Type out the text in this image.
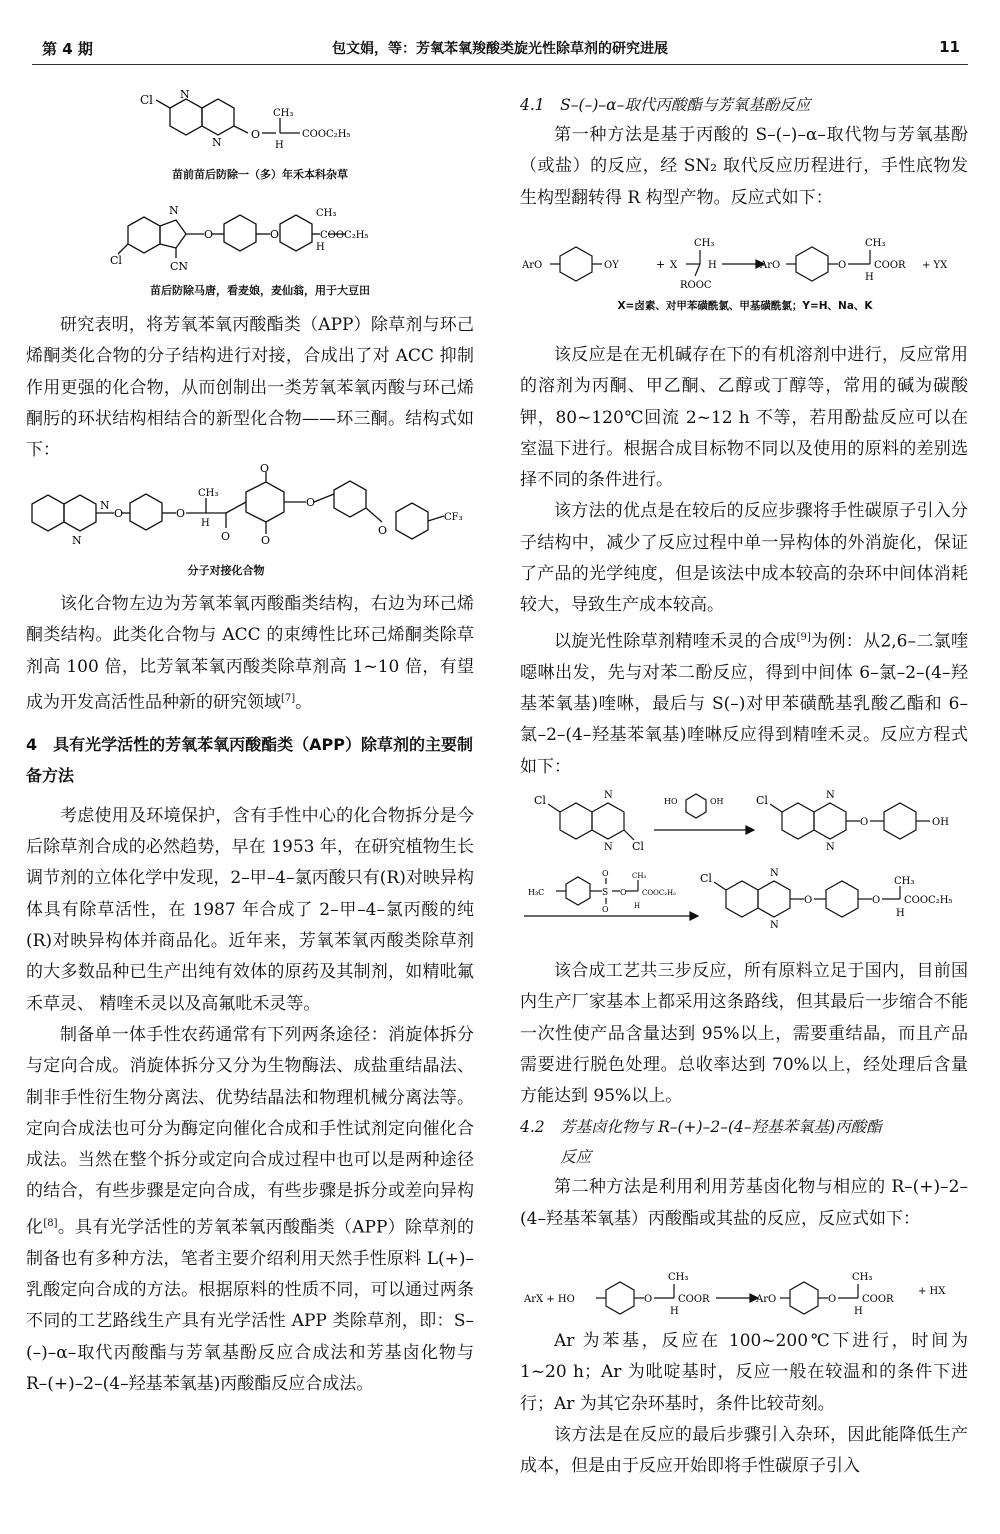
第 4 期	包文娟，等：芳氧苯氧羧酸类旋光性除草剂的研究进展	11
Cl N
N
O
H
CH₃
COOC₂H₅
苗前苗后防除一（多）年禾本科杂草
N
O	O
Cl	CN
CH₃
H
COOC₂H₅
苗后防除马唐，看麦娘，麦仙翁，用于大豆田

研究表明，将芳氧苯氧丙酸酯类（APP）除草剂与环己烯酮类化合物的分子结构进行对接，合成出了对 ACC 抑制作用更强的化合物，从而创制出一类芳氧苯氧丙酸与环己烯酮肟的环状结构相结合的新型化合物——环三酮。结构式如下：

N
N
O	O
CH₃
H
O	O
O
O
O
CF₃
分子对接化合物

该化合物左边为芳氧苯氧丙酸酯类结构，右边为环己烯酮类结构。此类化合物与 ACC 的束缚性比环己烯酮类除草剂高 100 倍，比芳氧苯氧丙酸类除草剂高 1~10 倍，有望成为开发高活性品种新的研究领域[7]。

4　具有光学活性的芳氧苯氧丙酸酯类（APP）除草剂的主要制备方法

考虑使用及环境保护，含有手性中心的化合物拆分是今后除草剂合成的必然趋势，早在 1953 年，在研究植物生长调节剂的立体化学中发现，2–甲–4–氯丙酸只有(R)对映异构体具有除草活性，在 1987 年合成了 2–甲–4–氯丙酸的纯(R)对映异构体并商品化。近年来，芳氧苯氧丙酸类除草剂的大多数品种已生产出纯有效体的原药及其制剂，如精吡氟禾草灵、 精喹禾灵以及高氟吡禾灵等。

制备单一体手性农药通常有下列两条途径：消旋体拆分与定向合成。消旋体拆分又分为生物酶法、成盐重结晶法、制非手性衍生物分离法、优势结晶法和物理机械分离法等。定向合成法也可分为酶定向催化合成和手性试剂定向催化合成法。当然在整个拆分或定向合成过程中也可以是两种途径的结合，有些步骤是定向合成，有些步骤是拆分或差向异构化[8]。具有光学活性的芳氧苯氧丙酸酯类（APP）除草剂的制备也有多种方法，笔者主要介绍利用天然手性原料 L(+)–乳酸定向合成的方法。根据原料的性质不同，可以通过两条不同的工艺路线生产具有光学活性 APP 类除草剂，即：S–(–)–α–取代丙酸酯与芳氧基酚反应合成法和芳基卤化物与 R–(+)–2–(4–羟基苯氧基)丙酸酯反应合成法。

4.1　S–(–)–α–取代丙酸酯与芳氧基酚反应

第一种方法是基于丙酸的 S–(–)–α–取代物与芳氧基酚（或盐）的反应，经 SN₂ 取代反应历程进行，手性底物发生构型翻转得 R 构型产物。反应式如下：

ArO	OY	+ X
CH₃
H
ROOC
ArO	O
CH₃
H
COOR + YX
X=卤素、对甲苯磺酰氯、甲基磺酰氯；Y=H、Na、K

该反应是在无机碱存在下的有机溶剂中进行，反应常用的溶剂为丙酮、甲乙酮、乙醇或丁醇等，常用的碱为碳酸钾，80~120℃回流 2~12 h 不等，若用酚盐反应可以在室温下进行。根据合成目标物不同以及使用的原料的差别选择不同的条件进行。

该方法的优点是在较后的反应步骤将手性碳原子引入分子结构中，减少了反应过程中单一异构体的外消旋化，保证了产品的光学纯度，但是该法中成本较高的杂环中间体消耗较大，导致生产成本较高。

以旋光性除草剂精喹禾灵的合成[9]为例：从2,6–二氯喹噁啉出发，先与对苯二酚反应，得到中间体 6–氯–2–(4–羟基苯氧基)喹啉，最后与 S(–)对甲苯磺酰基乳酸乙酯和 6–氯–2–(4–羟基苯氧基)喹啉反应得到精喹禾灵。反应方程式如下：

Cl	N
N Cl
HO	OH	Cl	N
N
O	OH
H₃C	S
O
O
O
CH₃
H
COOC₂H₅
Cl	N
N
O	O
CH₃
H
COOC₂H₅

该合成工艺共三步反应，所有原料立足于国内，目前国内生产厂家基本上都采用这条路线，但其最后一步缩合不能一次性使产品含量达到 95%以上，需要重结晶，而且产品需要进行脱色处理。总收率达到 70%以上，经处理后含量方能达到 95%以上。

4.2　芳基卤化物与 R–(+)–2–(4–羟基苯氧基)丙酸酯
反应

第二种方法是利用利用芳基卤化物与相应的 R–(+)–2–(4–羟基苯氧基）丙酸酯或其盐的反应，反应式如下：

ArX + HO	O
CH₃
H
COOR	ArO	O
CH₃
H
COOR
+ HX

Ar 为苯基，反应在 100~200℃下进行，时间为 1~20 h；Ar 为吡啶基时，反应一般在较温和的条件下进行；Ar 为其它杂环基时，条件比较苛刻。

该方法是在反应的最后步骤引入杂环，因此能降低生产成本，但是由于反应开始即将手性碳原子引入
